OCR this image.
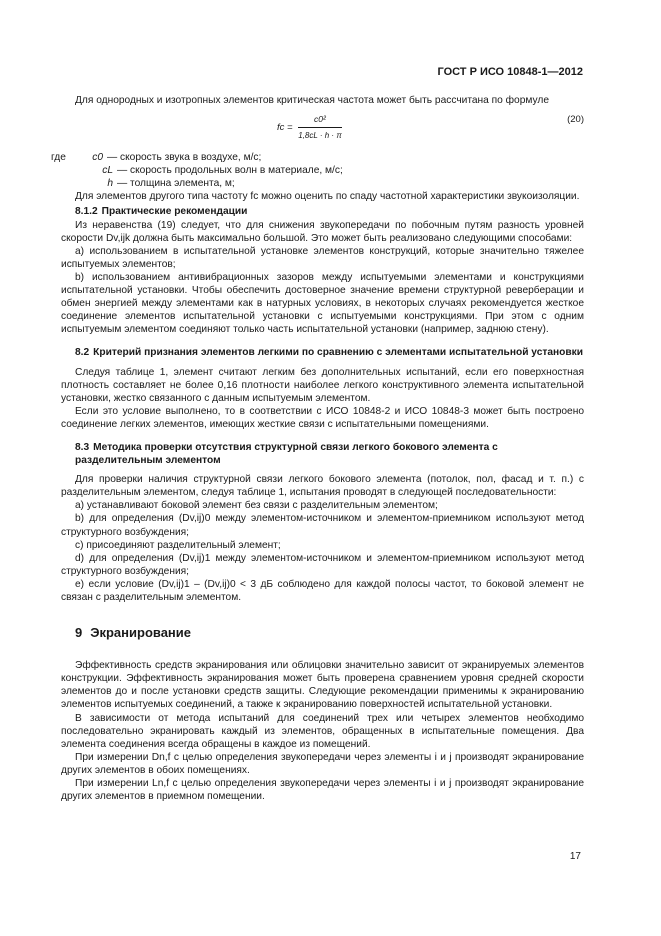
ГОСТ Р ИСО 10848-1—2012

Для однородных и изотропных элементов критическая частота может быть рассчитана по формуле

fc = $\frac{\text{c0²}}{1,8cL \cdot h \cdot \pi}$	(20)
где	c0 — скорость звука в воздухе, м/с;
cL — скорость продольных волн в материале, м/с;
h — толщина элемента, м;

Для элементов другого типа частоту fc можно оценить по спаду частотной характеристики звукоизоляции.

8.1.2 Практические рекомендации

Из неравенства (19) следует, что для снижения звукопередачи по побочным путям разность уровней скорости Dv,ijk должна быть максимально большой. Это может быть реализовано следующими способами:

a) использованием в испытательной установке элементов конструкций, которые значительно тяжелее испытуемых элементов;

b) использованием антивибрационных зазоров между испытуемыми элементами и конструкциями испытательной установки. Чтобы обеспечить достоверное значение времени структурной реверберации и обмен энергией между элементами как в натурных условиях, в некоторых случаях рекомендуется жесткое соединение элементов испытательной установки с испытуемыми конструкциями. При этом с одним испытуемым элементом соединяют только часть испытательной установки (например, заднюю стену).

8.2 Критерий признания элементов легкими по сравнению с элементами испытательной установки

Следуя таблице 1, элемент считают легким без дополнительных испытаний, если его поверхностная плотность составляет не более 0,16 плотности наиболее легкого конструктивного элемента испытательной установки, жестко связанного с данным испытуемым элементом.

Если это условие выполнено, то в соответствии с ИСО 10848-2 и ИСО 10848-3 может быть построено соединение легких элементов, имеющих жесткие связи с испытательными помещениями.

8.3 Методика проверки отсутствия структурной связи легкого бокового элемента с разделительным элементом

Для проверки наличия структурной связи легкого бокового элемента (потолок, пол, фасад и т. п.) с разделительным элементом, следуя таблице 1, испытания проводят в следующей последовательности:

a) устанавливают боковой элемент без связи с разделительным элементом;

b) для определения (Dv,ij)0 между элементом-источником и элементом-приемником используют метод структурного возбуждения;

c) присоединяют разделительный элемент;

d) для определения (Dv,ij)1 между элементом-источником и элементом-приемником используют метод структурного возбуждения;

e) если условие (Dv,ij)1 – (Dv,ij)0 < 3 дБ соблюдено для каждой полосы частот, то боковой элемент не связан с разделительным элементом.

9 Экранирование

Эффективность средств экранирования или облицовки значительно зависит от экранируемых элементов конструкции. Эффективность экранирования может быть проверена сравнением уровня средней скорости элементов до и после установки средств защиты. Следующие рекомендации применимы к экранированию элементов испытуемых соединений, а также к экранированию поверхностей испытательной установки.

В зависимости от метода испытаний для соединений трех или четырех элементов необходимо последовательно экранировать каждый из элементов, обращенных в испытательные помещения. Два элемента соединения всегда обращены в каждое из помещений.

При измерении Dn,f с целью определения звукопередачи через элементы i и j производят экранирование других элементов в обоих помещениях.

При измерении Ln,f с целью определения звукопередачи через элементы i и j производят экранирование других элементов в приемном помещении.

17
